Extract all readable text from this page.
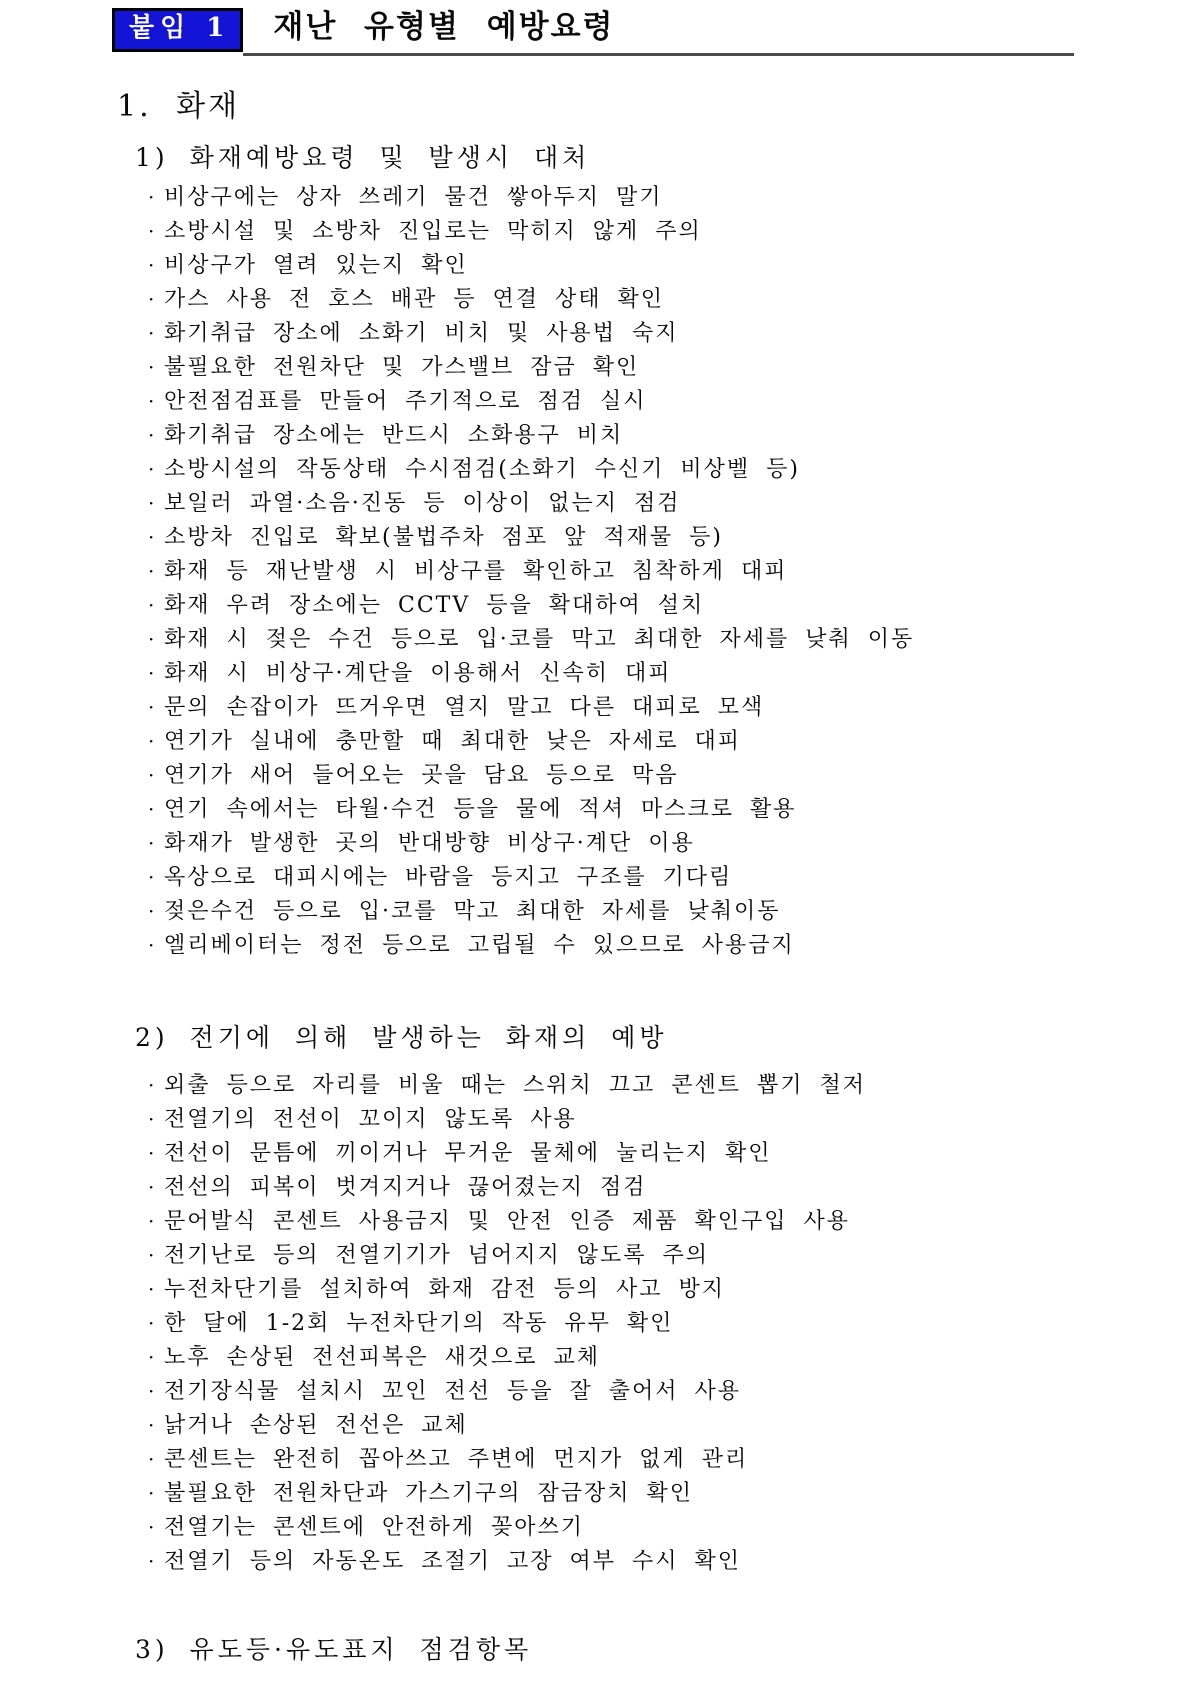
붙임 1	재난 유형별 예방요령
1. 화재
1) 화재예방요령 및 발생시 대처
· 비상구에는 상자 쓰레기 물건 쌓아두지 말기
· 소방시설 및 소방차 진입로는 막히지 않게 주의
· 비상구가 열려 있는지 확인
· 가스 사용 전 호스 배관 등 연결 상태 확인
· 화기취급 장소에 소화기 비치 및 사용법 숙지
· 불필요한 전원차단 및 가스밸브 잠금 확인
· 안전점검표를 만들어 주기적으로 점검 실시
· 화기취급 장소에는 반드시 소화용구 비치
· 소방시설의 작동상태 수시점검(소화기 수신기 비상벨 등)
· 보일러 과열·소음·진동 등 이상이 없는지 점검
· 소방차 진입로 확보(불법주차 점포 앞 적재물 등)
· 화재 등 재난발생 시 비상구를 확인하고 침착하게 대피
· 화재 우려 장소에는 CCTV 등을 확대하여 설치
· 화재 시 젖은 수건 등으로 입·코를 막고 최대한 자세를 낮춰 이동
· 화재 시 비상구·계단을 이용해서 신속히 대피
· 문의 손잡이가 뜨거우면 열지 말고 다른 대피로 모색
· 연기가 실내에 충만할 때 최대한 낮은 자세로 대피
· 연기가 새어 들어오는 곳을 담요 등으로 막음
· 연기 속에서는 타월·수건 등을 물에 적셔 마스크로 활용
· 화재가 발생한 곳의 반대방향 비상구·계단 이용
· 옥상으로 대피시에는 바람을 등지고 구조를 기다림
· 젖은수건 등으로 입·코를 막고 최대한 자세를 낮춰이동
· 엘리베이터는 정전 등으로 고립될 수 있으므로 사용금지
2) 전기에 의해 발생하는 화재의 예방
· 외출 등으로 자리를 비울 때는 스위치 끄고 콘센트 뽑기 철저
· 전열기의 전선이 꼬이지 않도록 사용
· 전선이 문틈에 끼이거나 무거운 물체에 눌리는지 확인
· 전선의 피복이 벗겨지거나 끊어졌는지 점검
· 문어발식 콘센트 사용금지 및 안전 인증 제품 확인구입 사용
· 전기난로 등의 전열기기가 넘어지지 않도록 주의
· 누전차단기를 설치하여 화재 감전 등의 사고 방지
· 한 달에 1-2회 누전차단기의 작동 유무 확인
· 노후 손상된 전선피복은 새것으로 교체
· 전기장식물 설치시 꼬인 전선 등을 잘 출어서 사용
· 낡거나 손상된 전선은 교체
· 콘센트는 완전히 꼽아쓰고 주변에 먼지가 없게 관리
· 불필요한 전원차단과 가스기구의 잠금장치 확인
· 전열기는 콘센트에 안전하게 꽂아쓰기
· 전열기 등의 자동온도 조절기 고장 여부 수시 확인
3) 유도등·유도표지 점검항목
